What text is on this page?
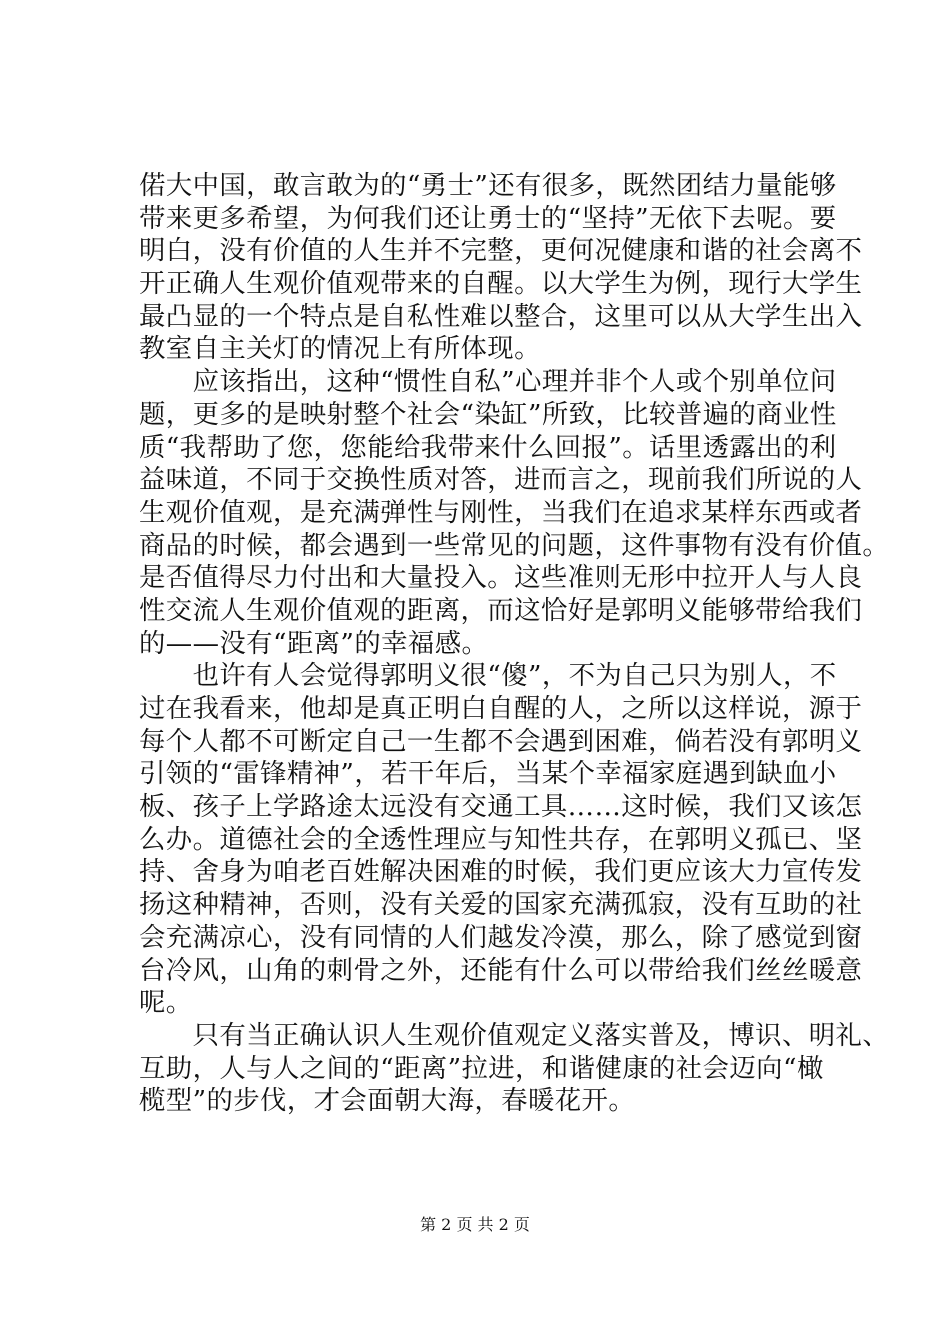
偌大中国，敢言敢为的“勇士”还有很多，既然团结力量能够
带来更多希望，为何我们还让勇士的“坚持”无依下去呢。要
明白，没有价值的人生并不完整，更何况健康和谐的社会离不
开正确人生观价值观带来的自醒。以大学生为例，现行大学生
最凸显的一个特点是自私性难以整合，这里可以从大学生出入
教室自主关灯的情况上有所体现。
　　应该指出，这种“惯性自私”心理并非个人或个别单位问
题，更多的是映射整个社会“染缸”所致，比较普遍的商业性
质“我帮助了您，您能给我带来什么回报”。话里透露出的利
益味道，不同于交换性质对答，进而言之，现前我们所说的人
生观价值观，是充满弹性与刚性，当我们在追求某样东西或者
商品的时候，都会遇到一些常见的问题，这件事物有没有价值。
是否值得尽力付出和大量投入。这些准则无形中拉开人与人良
性交流人生观价值观的距离，而这恰好是郭明义能够带给我们
的——没有“距离”的幸福感。
　　也许有人会觉得郭明义很“傻”，不为自己只为别人，不
过在我看来，他却是真正明白自醒的人，之所以这样说，源于
每个人都不可断定自己一生都不会遇到困难，倘若没有郭明义
引领的“雷锋精神”，若干年后，当某个幸福家庭遇到缺血小
板、孩子上学路途太远没有交通工具……这时候，我们又该怎
么办。道德社会的全透性理应与知性共存，在郭明义孤已、坚
持、舍身为咱老百姓解决困难的时候，我们更应该大力宣传发
扬这种精神，否则，没有关爱的国家充满孤寂，没有互助的社
会充满凉心，没有同情的人们越发冷漠，那么，除了感觉到窗
台冷风，山角的刺骨之外，还能有什么可以带给我们丝丝暖意
呢。
　　只有当正确认识人生观价值观定义落实普及，博识、明礼、
互助，人与人之间的“距离”拉进，和谐健康的社会迈向“橄
榄型”的步伐，才会面朝大海，春暖花开。
第 2 页 共 2 页
